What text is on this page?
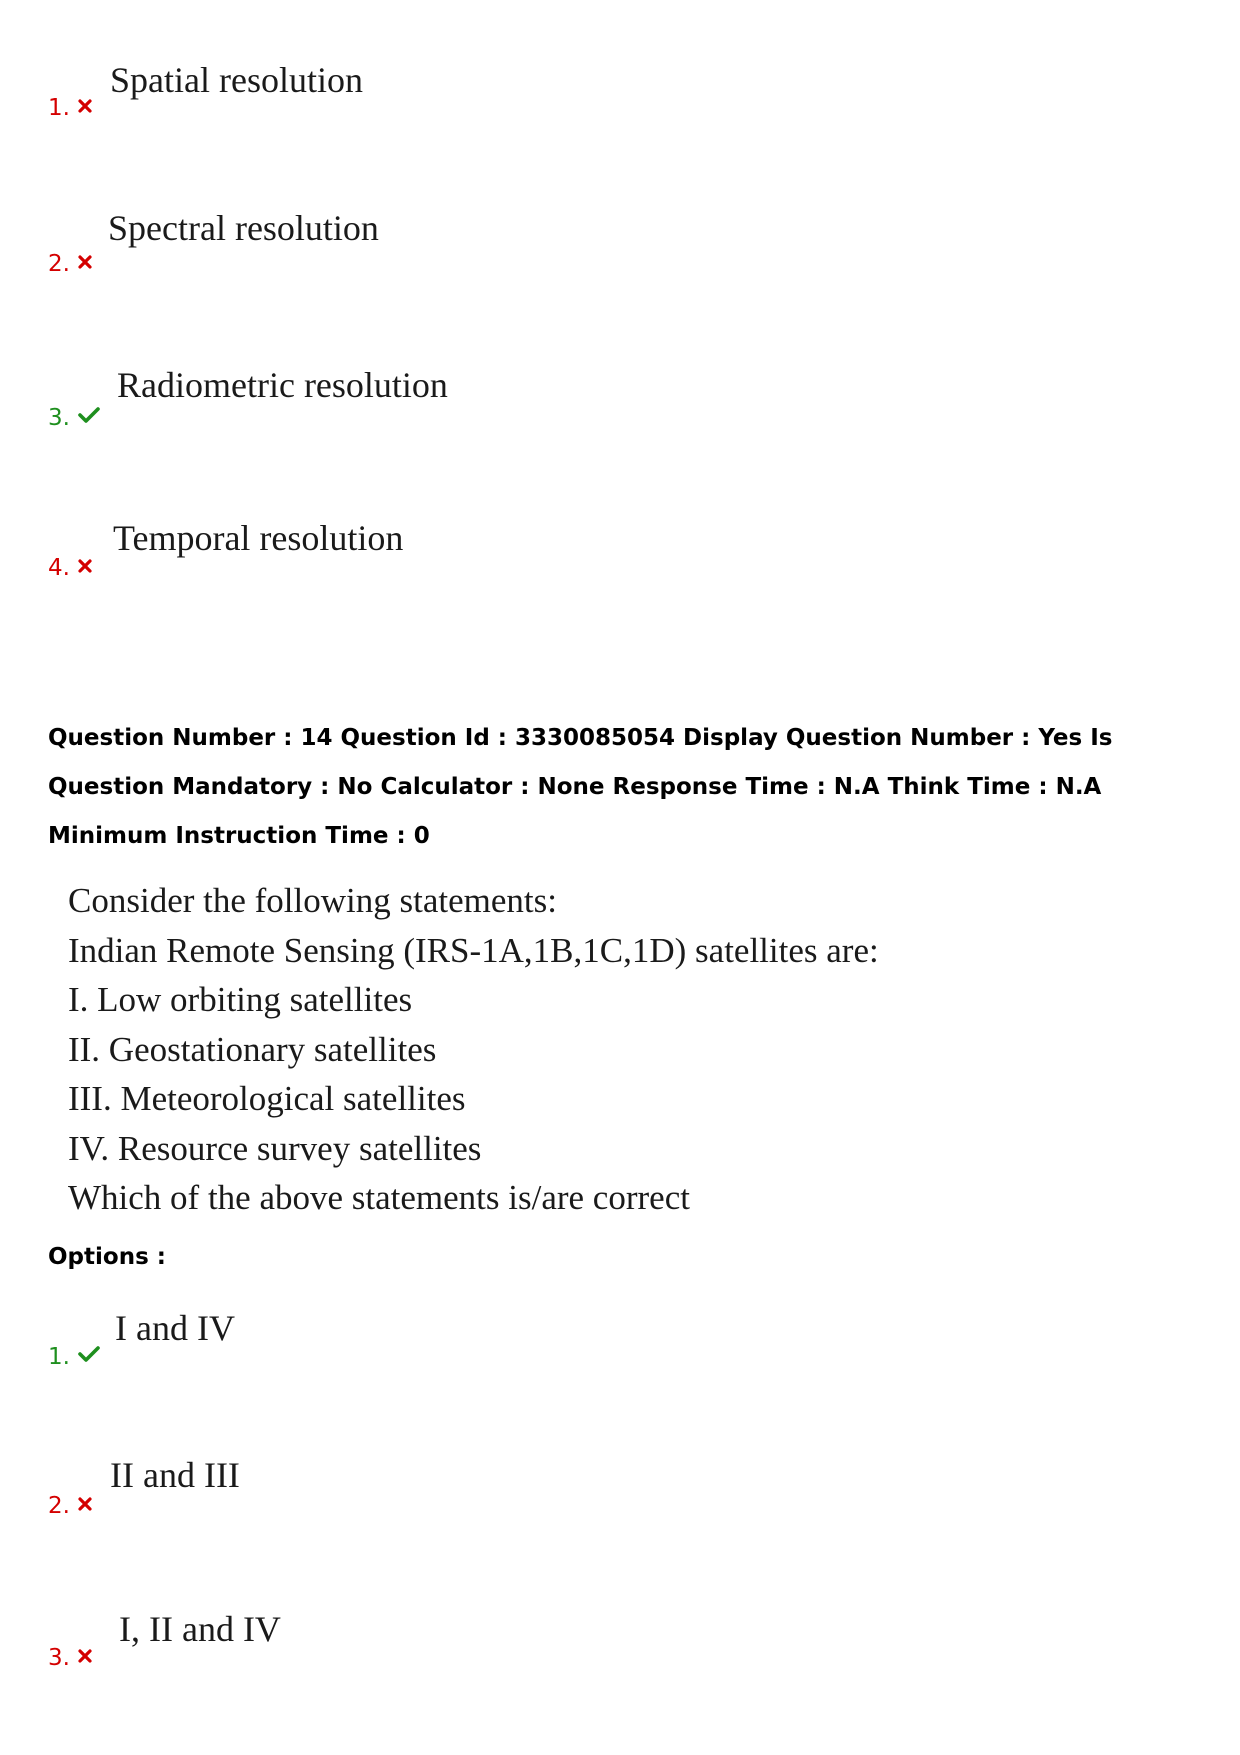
1.
Spatial resolution
2.
Spectral resolution
3.
Radiometric resolution
4.
Temporal resolution
Question Number : 14 Question Id : 3330085054 Display Question Number : Yes Is Question Mandatory : No Calculator : None Response Time : N.A Think Time : N.A Minimum Instruction Time : 0
Consider the following statements:
Indian Remote Sensing (IRS-1A,1B,1C,1D) satellites are:
I. Low orbiting satellites
II. Geostationary satellites
III. Meteorological satellites
IV. Resource survey satellites
Which of the above statements is/are correct
Options :
1.
I and IV
2.
II and III
3.
I, II and IV
